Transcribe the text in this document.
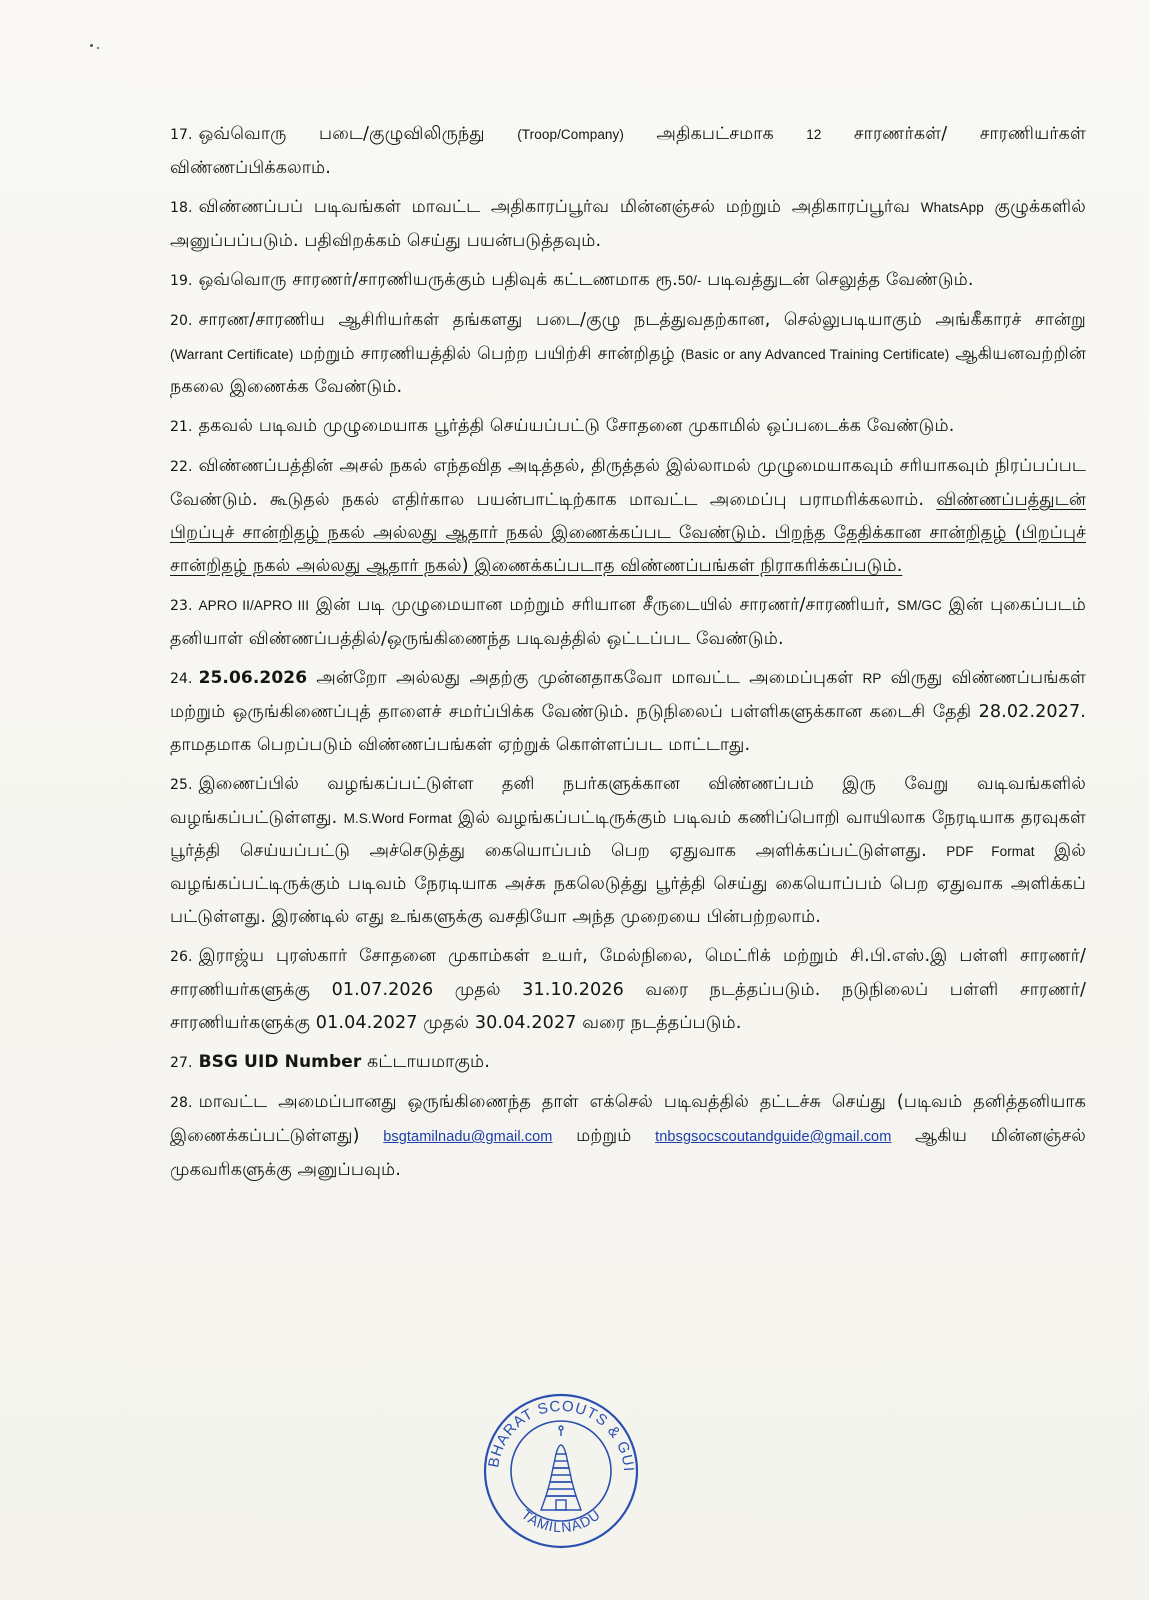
17. ஒவ்வொரு படை/குழுவிலிருந்து (Troop/Company) அதிகபட்சமாக 12 சாரணர்கள்/ சாரணியர்கள் விண்ணப்பிக்கலாம்.

18. விண்ணப்பப் படிவங்கள் மாவட்ட அதிகாரப்பூர்வ மின்னஞ்சல் மற்றும் அதிகாரப்பூர்வ WhatsApp குழுக்களில் அனுப்பப்படும். பதிவிறக்கம் செய்து பயன்படுத்தவும்.

19. ஒவ்வொரு சாரணர்/சாரணியருக்கும் பதிவுக் கட்டணமாக ரூ.50/- படிவத்துடன் செலுத்த வேண்டும்.

20. சாரண/சாரணிய ஆசிரியர்கள் தங்களது படை/குழு நடத்துவதற்கான, செல்லுபடியாகும் அங்கீகாரச் சான்று (Warrant Certificate) மற்றும் சாரணியத்தில் பெற்ற பயிற்சி சான்றிதழ் (Basic or any Advanced Training Certificate) ஆகியனவற்றின் நகலை இணைக்க வேண்டும்.

21. தகவல் படிவம் முழுமையாக பூர்த்தி செய்யப்பட்டு சோதனை முகாமில் ஒப்படைக்க வேண்டும்.

22. விண்ணப்பத்தின் அசல் நகல் எந்தவித அடித்தல், திருத்தல் இல்லாமல் முழுமையாகவும் சரியாகவும் நிரப்பப்பட வேண்டும். கூடுதல் நகல் எதிர்கால பயன்பாட்டிற்காக மாவட்ட அமைப்பு பராமரிக்கலாம். விண்ணப்பத்துடன் பிறப்புச் சான்றிதழ் நகல் அல்லது ஆதார் நகல் இணைக்கப்பட வேண்டும். பிறந்த தேதிக்கான சான்றிதழ் (பிறப்புச் சான்றிதழ் நகல் அல்லது ஆதார் நகல்) இணைக்கப்படாத விண்ணப்பங்கள் நிராகரிக்கப்படும்.

23. APRO II/APRO III இன் படி முழுமையான மற்றும் சரியான சீருடையில் சாரணர்/சாரணியர், SM/GC இன் புகைப்படம் தனியாள் விண்ணப்பத்தில்/ஒருங்கிணைந்த படிவத்தில் ஒட்டப்பட வேண்டும்.

24. 25.06.2026 அன்றோ அல்லது அதற்கு முன்னதாகவோ மாவட்ட அமைப்புகள் RP விருது விண்ணப்பங்கள் மற்றும் ஒருங்கிணைப்புத் தாளைச் சமர்ப்பிக்க வேண்டும். நடுநிலைப் பள்ளிகளுக்கான கடைசி தேதி 28.02.2027. தாமதமாக பெறப்படும் விண்ணப்பங்கள் ஏற்றுக் கொள்ளப்பட மாட்டாது.

25. இணைப்பில் வழங்கப்பட்டுள்ள தனி நபர்களுக்கான விண்ணப்பம் இரு வேறு வடிவங்களில் வழங்கப்பட்டுள்ளது. M.S.Word Format இல் வழங்கப்பட்டிருக்கும் படிவம் கணிப்பொறி வாயிலாக நேரடியாக தரவுகள் பூர்த்தி செய்யப்பட்டு அச்செடுத்து கையொப்பம் பெற ஏதுவாக அளிக்கப்பட்டுள்ளது. PDF Format இல் வழங்கப்பட்டிருக்கும் படிவம் நேரடியாக அச்சு நகலெடுத்து பூர்த்தி செய்து கையொப்பம் பெற ஏதுவாக அளிக்கப் பட்டுள்ளது. இரண்டில் எது உங்களுக்கு வசதியோ அந்த முறையை பின்பற்றலாம்.

26. இராஜ்ய புரஸ்கார் சோதனை முகாம்கள் உயர், மேல்நிலை, மெட்ரிக் மற்றும் சி.பி.எஸ்.இ பள்ளி சாரணர்/சாரணியர்களுக்கு 01.07.2026 முதல் 31.10.2026 வரை நடத்தப்படும். நடுநிலைப் பள்ளி சாரணர்/சாரணியர்களுக்கு 01.04.2027 முதல் 30.04.2027 வரை நடத்தப்படும்.

27. BSG UID Number கட்டாயமாகும்.

28. மாவட்ட அமைப்பானது ஒருங்கிணைந்த தாள் எக்செல் படிவத்தில் தட்டச்சு செய்து (படிவம் தனித்தனியாக இணைக்கப்பட்டுள்ளது) bsgtamilnadu@gmail.com மற்றும் tnbsgsocscoutandguide@gmail.com ஆகிய மின்னஞ்சல் முகவரிகளுக்கு அனுப்பவும்.

BHARAT SCOUTS & GUI
TAMILNADU
